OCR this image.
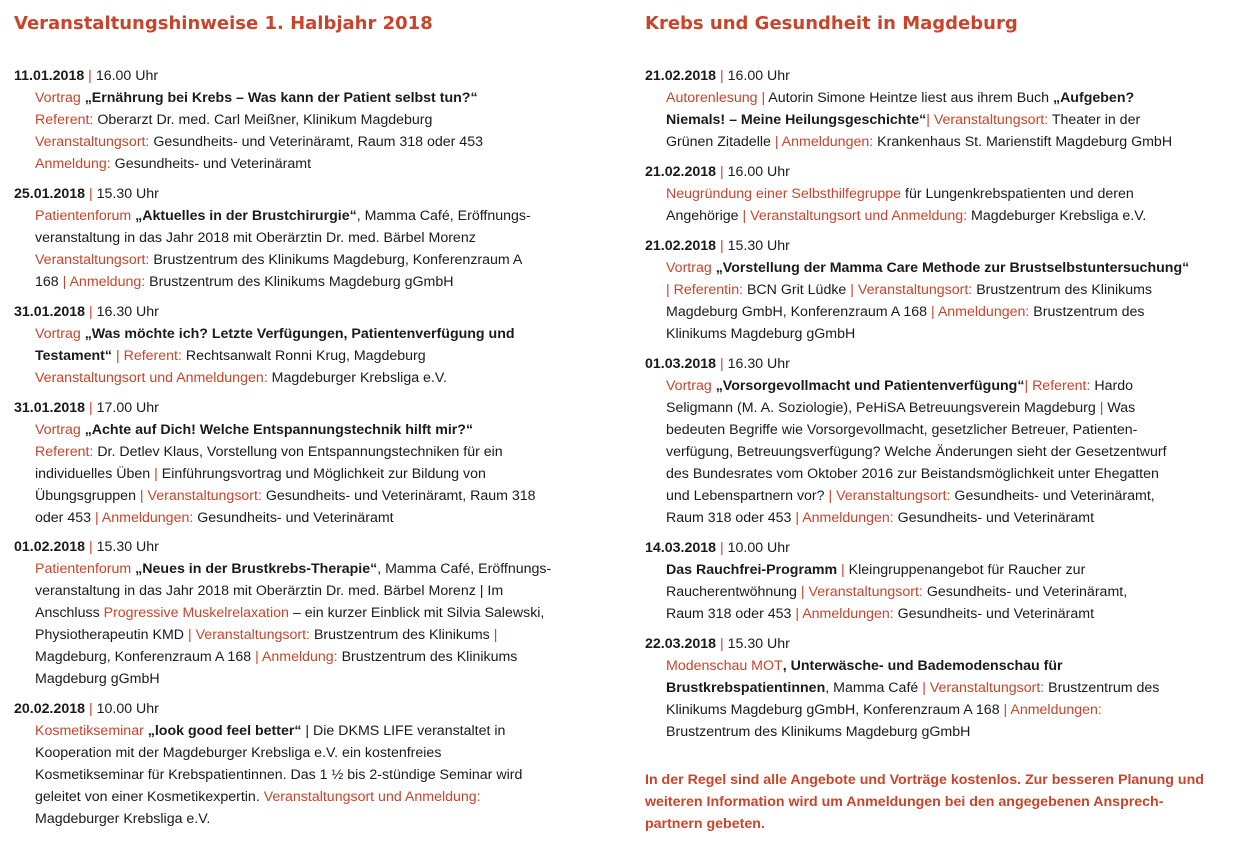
Veranstaltungshinweise 1. Halbjahr 2018
11.01.2018 | 16.00 Uhr
Vortrag „Ernährung bei Krebs – Was kann der Patient selbst tun?“
Referent: Oberarzt Dr. med. Carl Meißner, Klinikum Magdeburg
Veranstaltungsort: Gesundheits- und Veterinäramt, Raum 318 oder 453
Anmeldung: Gesundheits- und Veterinäramt
25.01.2018 | 15.30 Uhr
Patientenforum „Aktuelles in der Brustchirurgie“, Mamma Café, Eröffnungs-
veranstaltung in das Jahr 2018 mit Oberärztin Dr. med. Bärbel Morenz
Veranstaltungsort: Brustzentrum des Klinikums Magdeburg, Konferenzraum A
168 | Anmeldung: Brustzentrum des Klinikums Magdeburg gGmbH
31.01.2018 | 16.30 Uhr
Vortrag „Was möchte ich? Letzte Verfügungen, Patientenverfügung und
Testament“ | Referent: Rechtsanwalt Ronni Krug, Magdeburg
Veranstaltungsort und Anmeldungen: Magdeburger Krebsliga e.V.
31.01.2018 | 17.00 Uhr
Vortrag „Achte auf Dich! Welche Entspannungstechnik hilft mir?“
Referent: Dr. Detlev Klaus, Vorstellung von Entspannungstechniken für ein
individuelles Üben | Einführungsvortrag und Möglichkeit zur Bildung von
Übungsgruppen | Veranstaltungsort: Gesundheits- und Veterinäramt, Raum 318
oder 453 | Anmeldungen: Gesundheits- und Veterinäramt
01.02.2018 | 15.30 Uhr
Patientenforum „Neues in der Brustkrebs-Therapie“, Mamma Café, Eröffnungs-
veranstaltung in das Jahr 2018 mit Oberärztin Dr. med. Bärbel Morenz | Im
Anschluss Progressive Muskelrelaxation – ein kurzer Einblick mit Silvia Salewski,
Physiotherapeutin KMD | Veranstaltungsort: Brustzentrum des Klinikums |
Magdeburg, Konferenzraum A 168 | Anmeldung: Brustzentrum des Klinikums
Magdeburg gGmbH
20.02.2018 | 10.00 Uhr
Kosmetikseminar „look good feel better“ | Die DKMS LIFE veranstaltet in
Kooperation mit der Magdeburger Krebsliga e.V. ein kostenfreies
Kosmetikseminar für Krebspatientinnen. Das 1 ½ bis 2-stündige Seminar wird
geleitet von einer Kosmetikexpertin. Veranstaltungsort und Anmeldung:
Magdeburger Krebsliga e.V.
Krebs und Gesundheit in Magdeburg
21.02.2018 | 16.00 Uhr
Autorenlesung | Autorin Simone Heintze liest aus ihrem Buch „Aufgeben?
Niemals! – Meine Heilungsgeschichte“| Veranstaltungsort: Theater in der
Grünen Zitadelle | Anmeldungen: Krankenhaus St. Marienstift Magdeburg GmbH
21.02.2018 | 16.00 Uhr
Neugründung einer Selbsthilfegruppe für Lungenkrebspatienten und deren
Angehörige | Veranstaltungsort und Anmeldung: Magdeburger Krebsliga e.V.
21.02.2018 | 15.30 Uhr
Vortrag „Vorstellung der Mamma Care Methode zur Brustselbstuntersuchung“
| Referentin: BCN Grit Lüdke | Veranstaltungsort: Brustzentrum des Klinikums
Magdeburg GmbH, Konferenzraum A 168 | Anmeldungen: Brustzentrum des
Klinikums Magdeburg gGmbH
01.03.2018 | 16.30 Uhr
Vortrag „Vorsorgevollmacht und Patientenverfügung“| Referent: Hardo
Seligmann (M. A. Soziologie), PeHiSA Betreuungsverein Magdeburg | Was
bedeuten Begriffe wie Vorsorgevollmacht, gesetzlicher Betreuer, Patienten-
verfügung, Betreuungsverfügung? Welche Änderungen sieht der Gesetzentwurf
des Bundesrates vom Oktober 2016 zur Beistandsmöglichkeit unter Ehegatten
und Lebenspartnern vor? | Veranstaltungsort: Gesundheits- und Veterinäramt,
Raum 318 oder 453 | Anmeldungen: Gesundheits- und Veterinäramt
14.03.2018 | 10.00 Uhr
Das Rauchfrei-Programm | Kleingruppenangebot für Raucher zur
Raucherentwöhnung | Veranstaltungsort: Gesundheits- und Veterinäramt,
Raum 318 oder 453 | Anmeldungen: Gesundheits- und Veterinäramt
22.03.2018 | 15.30 Uhr
Modenschau MOT, Unterwäsche- und Bademodenschau für
Brustkrebspatientinnen, Mamma Café | Veranstaltungsort: Brustzentrum des
Klinikums Magdeburg gGmbH, Konferenzraum A 168 | Anmeldungen:
Brustzentrum des Klinikums Magdeburg gGmbH
In der Regel sind alle Angebote und Vorträge kostenlos. Zur besseren Planung und
weiteren Information wird um Anmeldungen bei den angegebenen Ansprech-
partnern gebeten.
